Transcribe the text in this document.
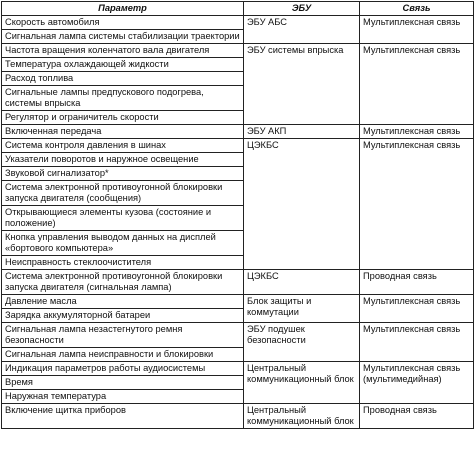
Параметр	ЭБУ	Связь
Скорость автомобиля	ЭБУ АБС	Мультиплексная связь
Сигнальная лампа системы стабилизации траектории		
Частота вращения коленчатого вала двигателя	ЭБУ системы впрыска	Мультиплексная связь
Температура охлаждающей жидкости		
Расход топлива		
Сигнальные лампы предпускового подогрева, системы впрыска		
Регулятор и ограничитель скорости		
Включенная передача	ЭБУ АКП	Мультиплексная связь
Система контроля давления в шинах	ЦЭКБС	Мультиплексная связь
Указатели поворотов и наружное освещение		
Звуковой сигнализатор*		
Система электронной противоугонной блокировки запуска двигателя (сообщения)		
Открывающиеся элементы кузова (состояние и положение)		
Кнопка управления выводом данных на дисплей «бортового компьютера»		
Неисправность стеклоочистителя		
Система электронной противоугонной блокировки запуска двигателя (сигнальная лампа)	ЦЭКБС	Проводная связь
Давление масла	Блок защиты и коммутации	Мультиплексная связь
Зарядка аккумуляторной батареи		
Сигнальная лампа незастегнутого ремня безопасности	ЭБУ подушек безопасности	Мультиплексная связь
Сигнальная лампа неисправности и блокировки		
Индикация параметров работы аудиосистемы	Центральный коммуникационный блок	Мультиплексная связь (мультимедийная)
Время		
Наружная температура		
Включение щитка приборов	Центральный коммуникационный блок	Проводная связь
